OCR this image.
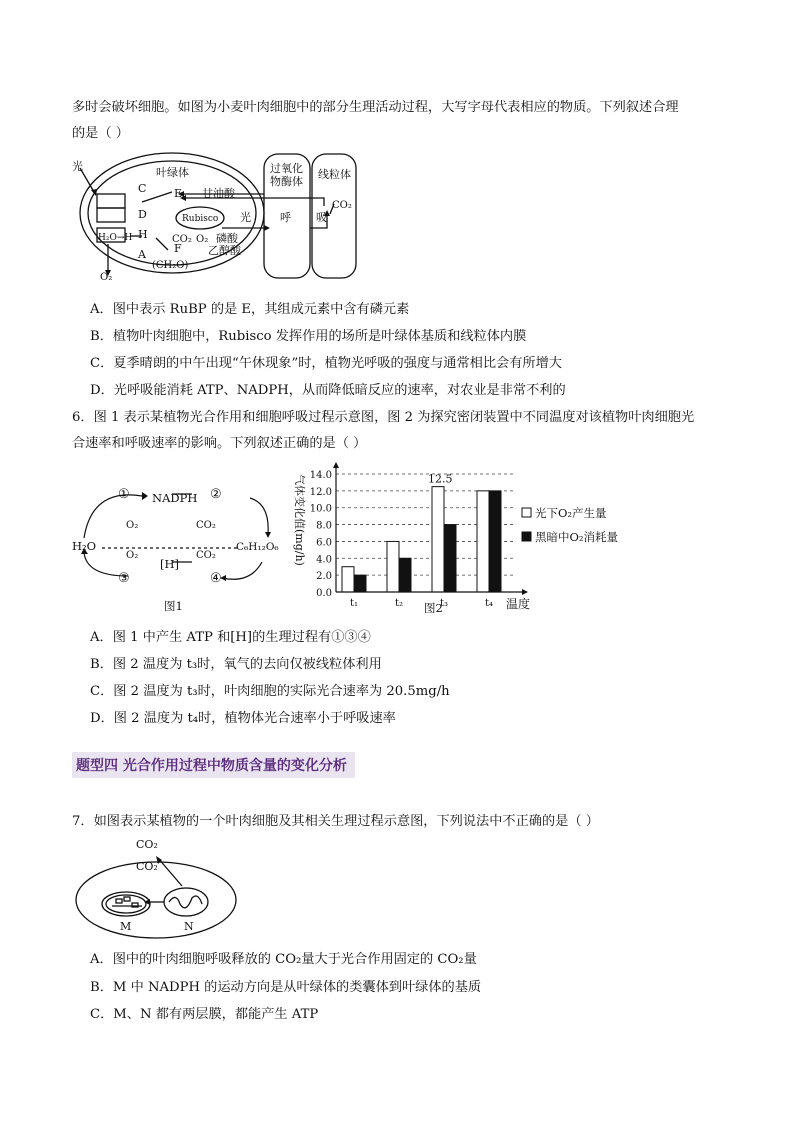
多时会破坏细胞。如图为小麦叶肉细胞中的部分生理活动过程，大写字母代表相应的物质。下列叙述合理
的是（ ）
光	叶绿体	过氧化
物酶体
线粒体
甘油酸
Rubisco 光	呼 吸
CO₂
CO₂ O₂
H₂O→H	磷酸
乙醇酸
(CH₂O)
O₂
C
D
E
F
H
A
A．图中表示 RuBP 的是 E，其组成元素中含有磷元素
B．植物叶肉细胞中，Rubisco 发挥作用的场所是叶绿体基质和线粒体内膜
C．夏季晴朗的中午出现“午休现象”时，植物光呼吸的强度与通常相比会有所增大
D．光呼吸能消耗 ATP、NADPH，从而降低暗反应的速率，对农业是非常不利的
6．图 1 表示某植物光合作用和细胞呼吸过程示意图，图 2 为探究密闭装置中不同温度对该植物叶肉细胞光
合速率和呼吸速率的影响。下列叙述正确的是（ ）
NADPH
H₂O	C₆H₁₂O₆
O₂	CO₂
O₂	CO₂
[H]
①	②
③	④
图1
0.0
2.0
4.0
6.0
8.0
10.0
12.0
14.0
t₁	t₂	t₃	t₄
气体变化值(mg/h)
温度
12.5
图2
光下O₂产生量
黑暗中O₂消耗量
A．图 1 中产生 ATP 和[H]的生理过程有①③④
B．图 2 温度为 t₃时，氧气的去向仅被线粒体利用
C．图 2 温度为 t₃时，叶肉细胞的实际光合速率为 20.5mg/h
D．图 2 温度为 t₄时，植物体光合速率小于呼吸速率
题型四 光合作用过程中物质含量的变化分析
7．如图表示某植物的一个叶肉细胞及其相关生理过程示意图，下列说法中不正确的是（ ）
CO₂
CO₂
M	N
A．图中的叶肉细胞呼吸释放的 CO₂量大于光合作用固定的 CO₂量
B．M 中 NADPH 的运动方向是从叶绿体的类囊体到叶绿体的基质
C．M、N 都有两层膜，都能产生 ATP
